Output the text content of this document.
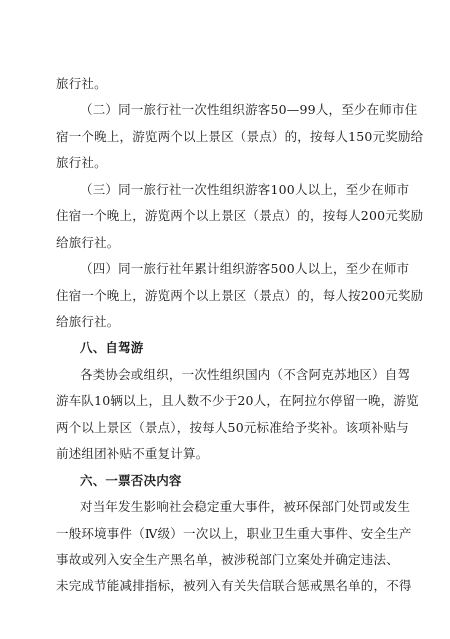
旅行社。
（二）同一旅行社一次性组织游客50—99人，至少在师市住
宿一个晚上，游览两个以上景区（景点）的，按每人150元奖励给
旅行社。
（三）同一旅行社一次性组织游客100人以上，至少在师市
住宿一个晚上，游览两个以上景区（景点）的，按每人200元奖励
给旅行社。
（四）同一旅行社年累计组织游客500人以上，至少在师市
住宿一个晚上，游览两个以上景区（景点）的，每人按200元奖励
给旅行社。
八、自驾游
各类协会或组织，一次性组织国内（不含阿克苏地区）自驾
游车队10辆以上，且人数不少于20人，在阿拉尔停留一晚，游览
两个以上景区（景点），按每人50元标准给予奖补。该项补贴与
前述组团补贴不重复计算。
六、一票否决内容
对当年发生影响社会稳定重大事件，被环保部门处罚或发生
一般环境事件（Ⅳ级）一次以上，职业卫生重大事件、安全生产
事故或列入安全生产黑名单，被涉税部门立案处并确定违法、
未完成节能减排指标，被列入有关失信联合惩戒黑名单的，不得
